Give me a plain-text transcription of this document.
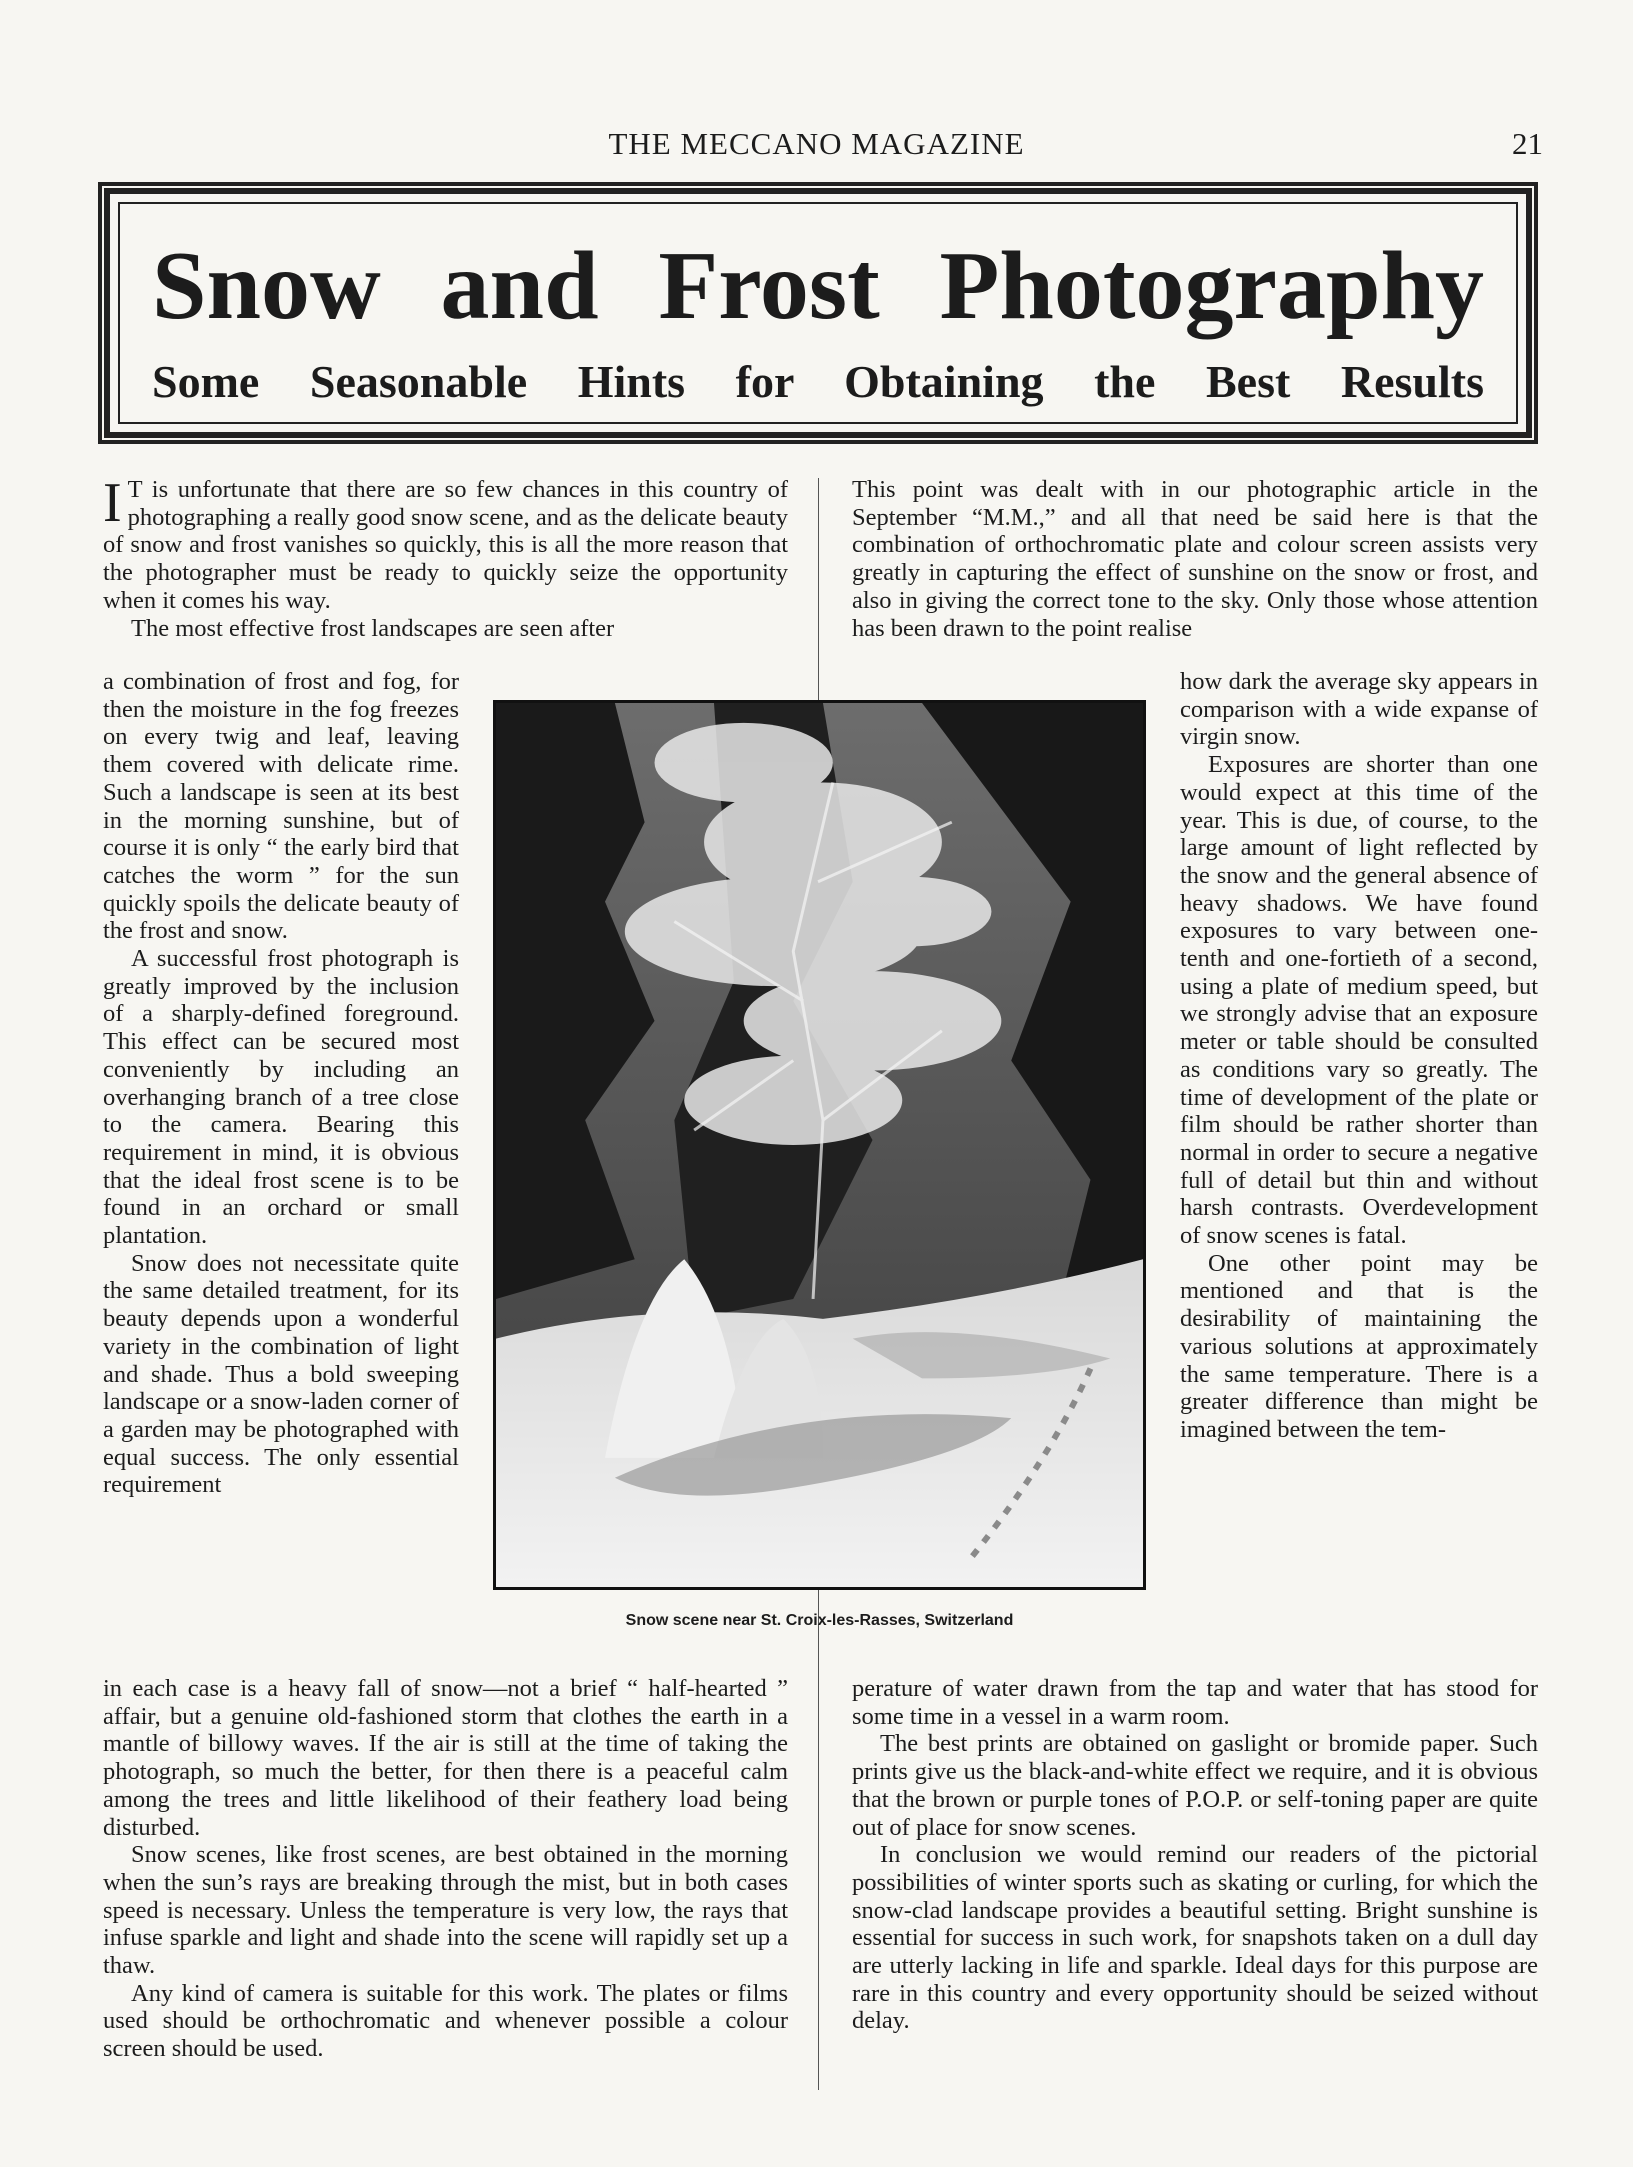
THE MECCANO MAGAZINE	21
Snow and Frost Photography
Some Seasonable Hints for Obtaining the Best Results

I T is unfortunate that there are so few chances in this country of photographing a really good snow scene, and as the delicate beauty of snow and frost vanishes so quickly, this is all the more reason that the photographer must be ready to quickly seize the opportunity when it comes his way.

The most effective frost landscapes are seen after

a combination of frost and fog, for then the moisture in the fog freezes on every twig and leaf, leaving them covered with delicate rime. Such a landscape is seen at its best in the morning sunshine, but of course it is only “ the early bird that catches the worm ” for the sun quickly spoils the delicate beauty of the frost and snow.

A successful frost photograph is greatly improved by the inclusion of a sharply-defined foreground. This effect can be secured most conveniently by including an overhanging branch of a tree close to the camera. Bearing this requirement in mind, it is obvious that the ideal frost scene is to be found in an orchard or small plantation.

Snow does not necessitate quite the same detailed treatment, for its beauty depends upon a wonderful variety in the combination of light and shade. Thus a bold sweeping landscape or a snow-laden corner of a garden may be photographed with equal success. The only essential requirement

in each case is a heavy fall of snow—not a brief “ half-hearted ” affair, but a genuine old-fashioned storm that clothes the earth in a mantle of billowy waves. If the air is still at the time of taking the photograph, so much the better, for then there is a peaceful calm among the trees and little likelihood of their feathery load being disturbed.

Snow scenes, like frost scenes, are best obtained in the morning when the sun’s rays are breaking through the mist, but in both cases speed is necessary. Unless the temperature is very low, the rays that infuse sparkle and light and shade into the scene will rapidly set up a thaw.

Any kind of camera is suitable for this work. The plates or films used should be orthochromatic and whenever possible a colour screen should be used.

This point was dealt with in our photographic article in the September “M.M.,” and all that need be said here is that the combination of orthochromatic plate and colour screen assists very greatly in capturing the effect of sunshine on the snow or frost, and also in giving the correct tone to the sky. Only those whose attention has been drawn to the point realise

how dark the average sky appears in comparison with a wide expanse of virgin snow.

Exposures are shorter than one would expect at this time of the year. This is due, of course, to the large amount of light reflected by the snow and the general absence of heavy shadows. We have found exposures to vary between one-tenth and one-fortieth of a second, using a plate of medium speed, but we strongly advise that an exposure meter or table should be consulted as conditions vary so greatly. The time of development of the plate or film should be rather shorter than normal in order to secure a negative full of detail but thin and without harsh contrasts. Overdevelopment of snow scenes is fatal.

One other point may be mentioned and that is the desirability of maintaining the various solutions at approximately the same temperature. There is a greater difference than might be imagined between the tem-

perature of water drawn from the tap and water that has stood for some time in a vessel in a warm room.

The best prints are obtained on gaslight or bromide paper. Such prints give us the black-and-white effect we require, and it is obvious that the brown or purple tones of P.O.P. or self-toning paper are quite out of place for snow scenes.

In conclusion we would remind our readers of the pictorial possibilities of winter sports such as skating or curling, for which the snow-clad landscape provides a beautiful setting. Bright sunshine is essential for success in such work, for snapshots taken on a dull day are utterly lacking in life and sparkle. Ideal days for this purpose are rare in this country and every opportunity should be seized without delay.

Snow scene near St. Croix-les-Rasses, Switzerland
